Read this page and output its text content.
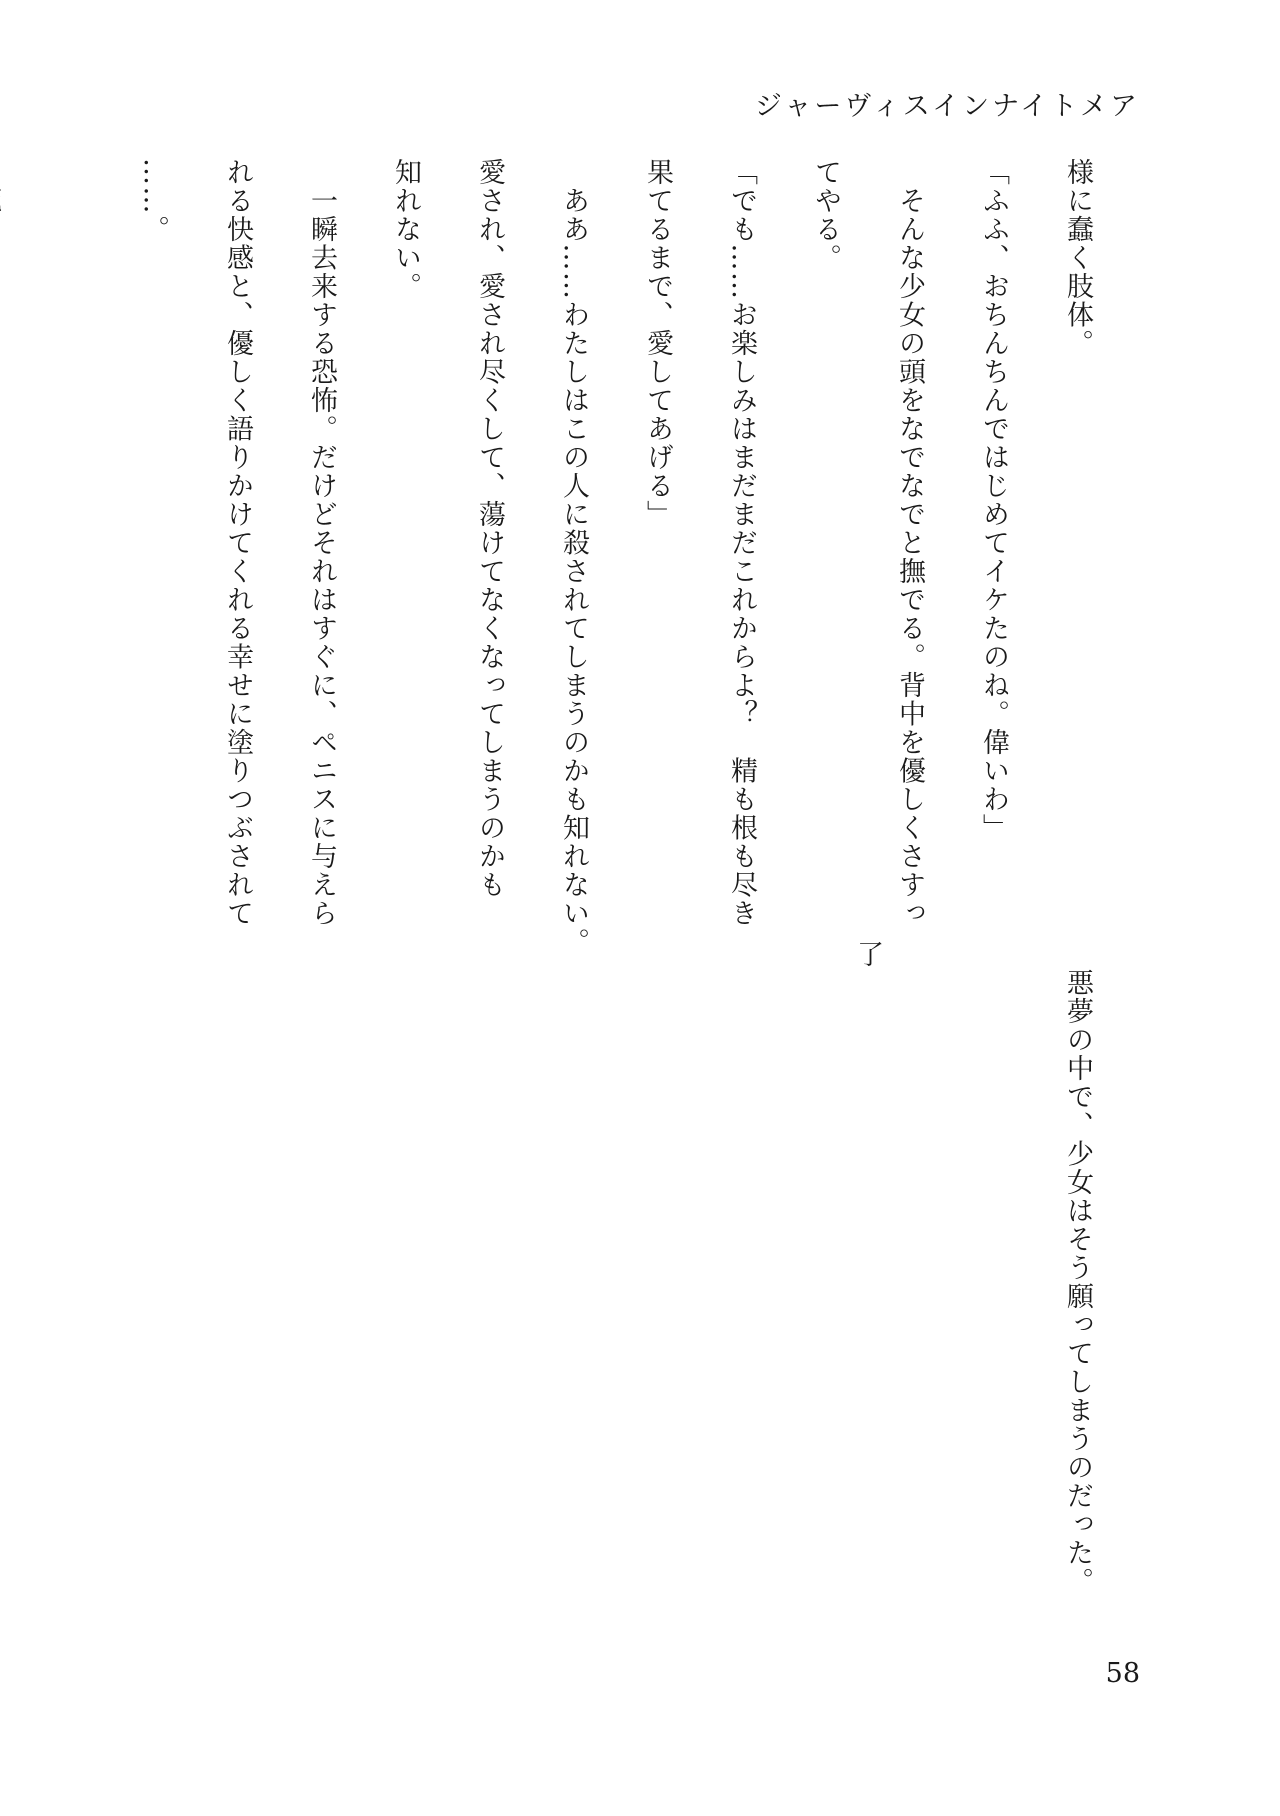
ジャーヴィスインナイトメア

様に蠢く肢体。

「ふふ、おちんちんではじめてイケたのね。偉いわ」

　そんな少女の頭をなでなでと撫でる。背中を優しくさすっ

てやる。

「でも……お楽しみはまだまだこれからよ？　精も根も尽き

果てるまで、愛してあげる」

　ああ……わたしはこの人に殺されてしまうのかも知れない。

愛され、愛され尽くして、蕩けてなくなってしまうのかも

知れない。

　一瞬去来する恐怖。だけどそれはすぐに、ペニスに与えら

れる快感と、優しく語りかけてくれる幸せに塗りつぶされて

……。

　悪夢の中で、少女はそう願ってしまうのだった。

　　　　　　　　　　　　　　　　　　　　　　　　　了

58
